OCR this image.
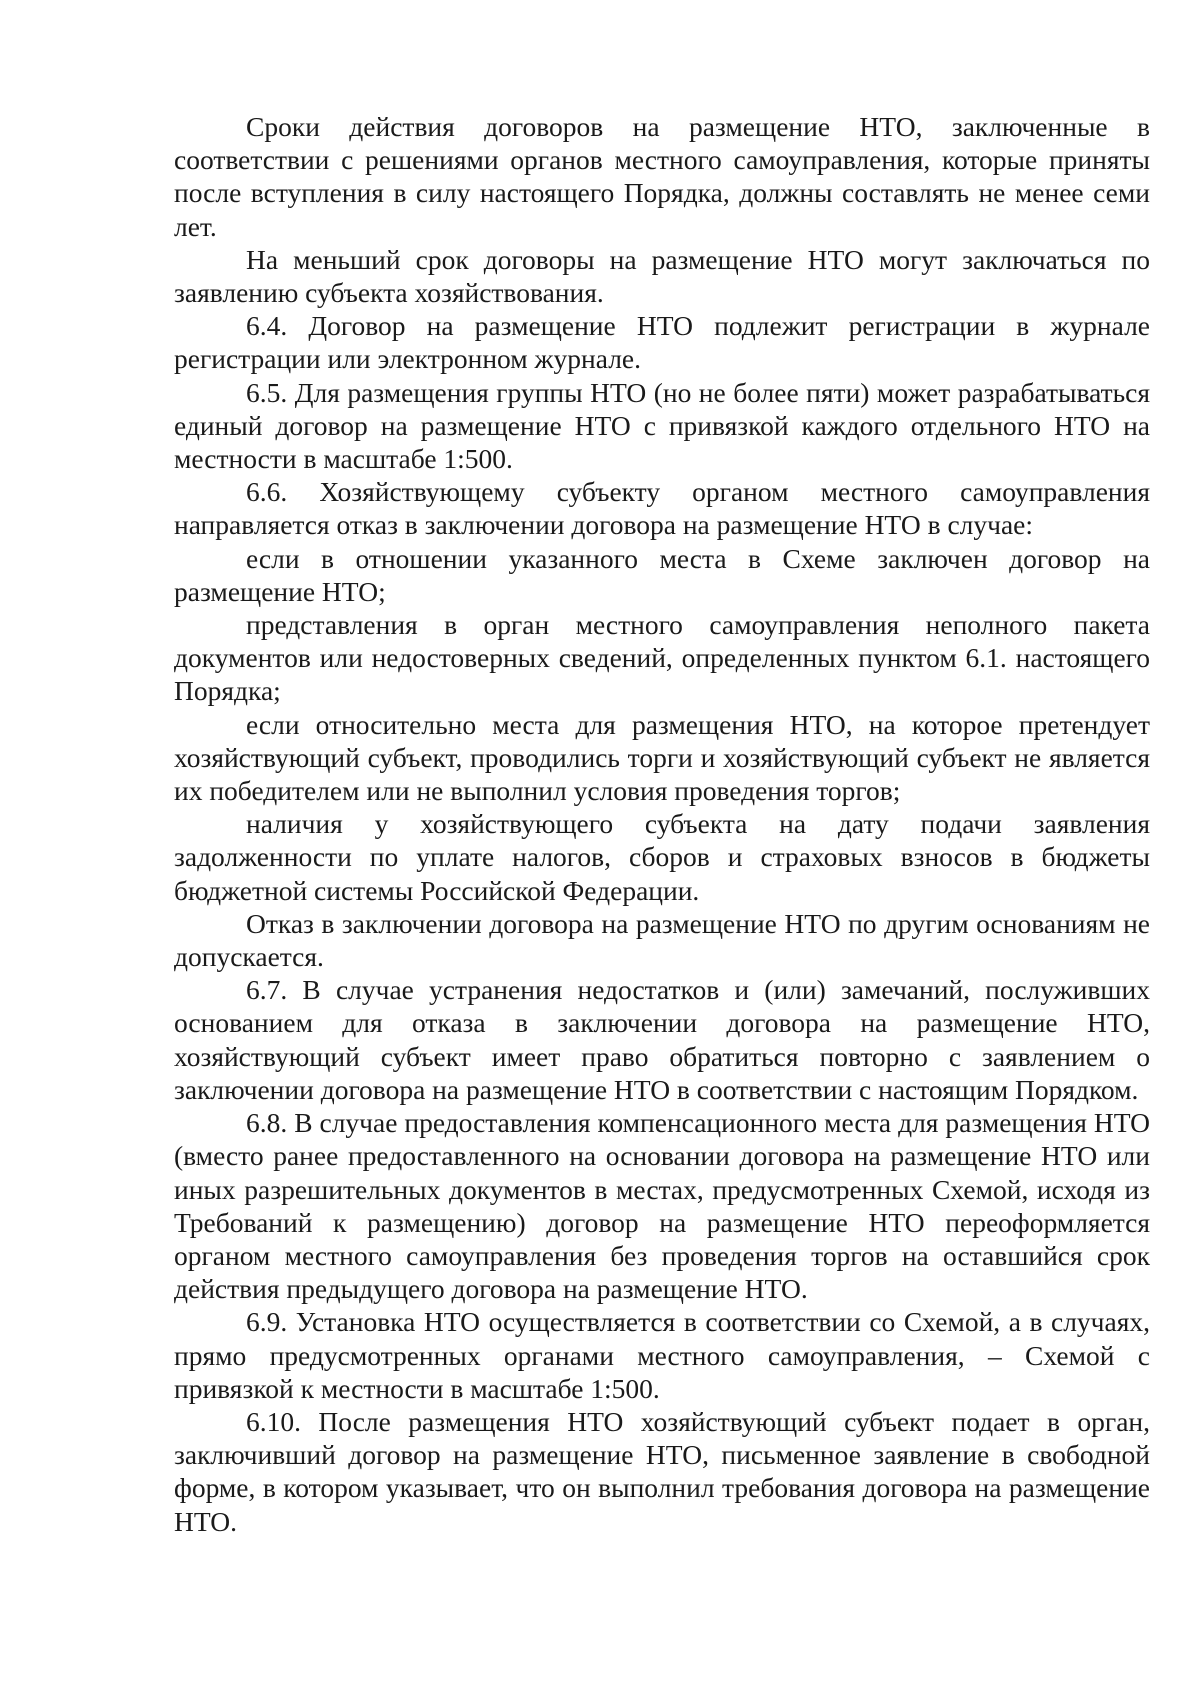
Сроки действия договоров на размещение НТО, заключенные в соответствии с решениями органов местного самоуправления, которые приняты после вступления в силу настоящего Порядка, должны составлять не менее семи лет.

На меньший срок договоры на размещение НТО могут заключаться по заявлению субъекта хозяйствования.

6.4. Договор на размещение НТО подлежит регистрации в журнале регистрации или электронном журнале.

6.5. Для размещения группы НТО (но не более пяти) может разрабатываться единый договор на размещение НТО с привязкой каждого отдельного НТО на местности в масштабе 1:500.

6.6. Хозяйствующему субъекту органом местного самоуправления направляется отказ в заключении договора на размещение НТО в случае:

если в отношении указанного места в Схеме заключен договор на размещение НТО;

представления в орган местного самоуправления неполного пакета документов или недостоверных сведений, определенных пунктом 6.1. настоящего Порядка;

если относительно места для размещения НТО, на которое претендует хозяйствующий субъект, проводились торги и хозяйствующий субъект не является их победителем или не выполнил условия проведения торгов;

наличия у хозяйствующего субъекта на дату подачи заявления задолженности по уплате налогов, сборов и страховых взносов в бюджеты бюджетной системы Российской Федерации.

Отказ в заключении договора на размещение НТО по другим основаниям не допускается.

6.7. В случае устранения недостатков и (или) замечаний, послуживших основанием для отказа в заключении договора на размещение НТО, хозяйствующий субъект имеет право обратиться повторно с заявлением о заключении договора на размещение НТО в соответствии с настоящим Порядком.

6.8. В случае предоставления компенсационного места для размещения НТО (вместо ранее предоставленного на основании договора на размещение НТО или иных разрешительных документов в местах, предусмотренных Схемой, исходя из Требований к размещению) договор на размещение НТО переоформляется органом местного самоуправления без проведения торгов на оставшийся срок действия предыдущего договора на размещение НТО.

6.9. Установка НТО осуществляется в соответствии со Схемой, а в случаях, прямо предусмотренных органами местного самоуправления, – Схемой с привязкой к местности в масштабе 1:500.

6.10. После размещения НТО хозяйствующий субъект подает в орган, заключивший договор на размещение НТО, письменное заявление в свободной форме, в котором указывает, что он выполнил требования договора на размещение НТО.
